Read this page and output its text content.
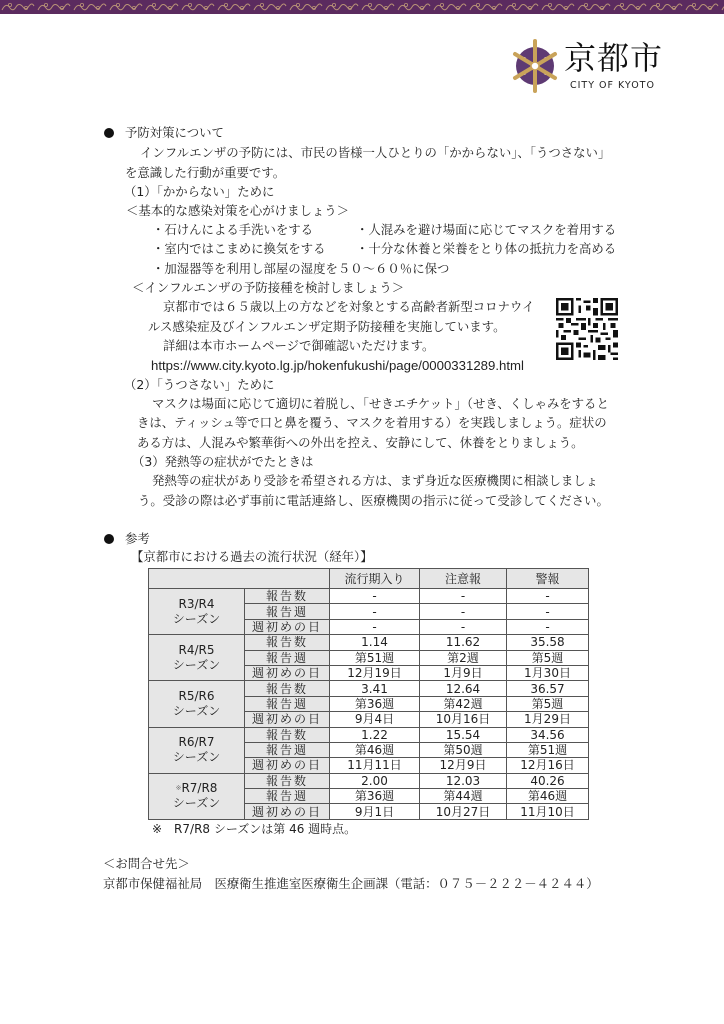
京都市
CITY OF KYOTO
予防対策について
インフルエンザの予防には、市民の皆様一人ひとりの「かからない」、「うつさない」
を意識した行動が重要です。
（1）「かからない」ために
＜基本的な感染対策を心がけましょう＞
・石けんによる手洗いをする	・人混みを避け場面に応じてマスクを着用する
・室内ではこまめに換気をする ・十分な休養と栄養をとり体の抵抗力を高める
・加湿器等を利用し部屋の湿度を５０～６０％に保つ
＜インフルエンザの予防接種を検討しましょう＞
京都市では６５歳以上の方などを対象とする高齢者新型コロナウイ
ルス感染症及びインフルエンザ定期予防接種を実施しています。
詳細は本市ホームページで御確認いただけます。
https://www.city.kyoto.lg.jp/hokenfukushi/page/0000331289.html
（2）「うつさない」ために
マスクは場面に応じて適切に着脱し、「せきエチケット」（せき、くしゃみをすると
きは、ティッシュ等で口と鼻を覆う、マスクを着用する）を実践しましょう。症状の
ある方は、人混みや繁華街への外出を控え、安静にして、休養をとりましょう。
（3）発熱等の症状がでたときは
発熱等の症状があり受診を希望される方は、まず身近な医療機関に相談しましょ
う。受診の際は必ず事前に電話連絡し、医療機関の指示に従って受診してください。
参考
【京都市における過去の流行状況（経年）】
		流行期入り	注意報	警報
R3/R4
シーズン	報告数	-	-	-
	報告週	-	-	-
	週初めの日	-	-	-
R4/R5
シーズン	報告数	1.14	11.62	35.58
	報告週	第51週	第2週	第5週
	週初めの日	12月19日	1月9日	1月30日
R5/R6
シーズン	報告数	3.41	12.64	36.57
	報告週	第36週	第42週	第5週
	週初めの日	9月4日	10月16日	1月29日
R6/R7
シーズン	報告数	1.22	15.54	34.56
	報告週	第46週	第50週	第51週
	週初めの日	11月11日	12月9日	12月16日
※R7/R8
シーズン	報告数	2.00	12.03	40.26
	報告週	第36週	第44週	第46週
	週初めの日	9月1日	10月27日	11月10日
※　R7/R8 シーズンは第 46 週時点。
＜お問合せ先＞
京都市保健福祉局　医療衛生推進室医療衛生企画課（電話：０７５－２２２－４２４４）
